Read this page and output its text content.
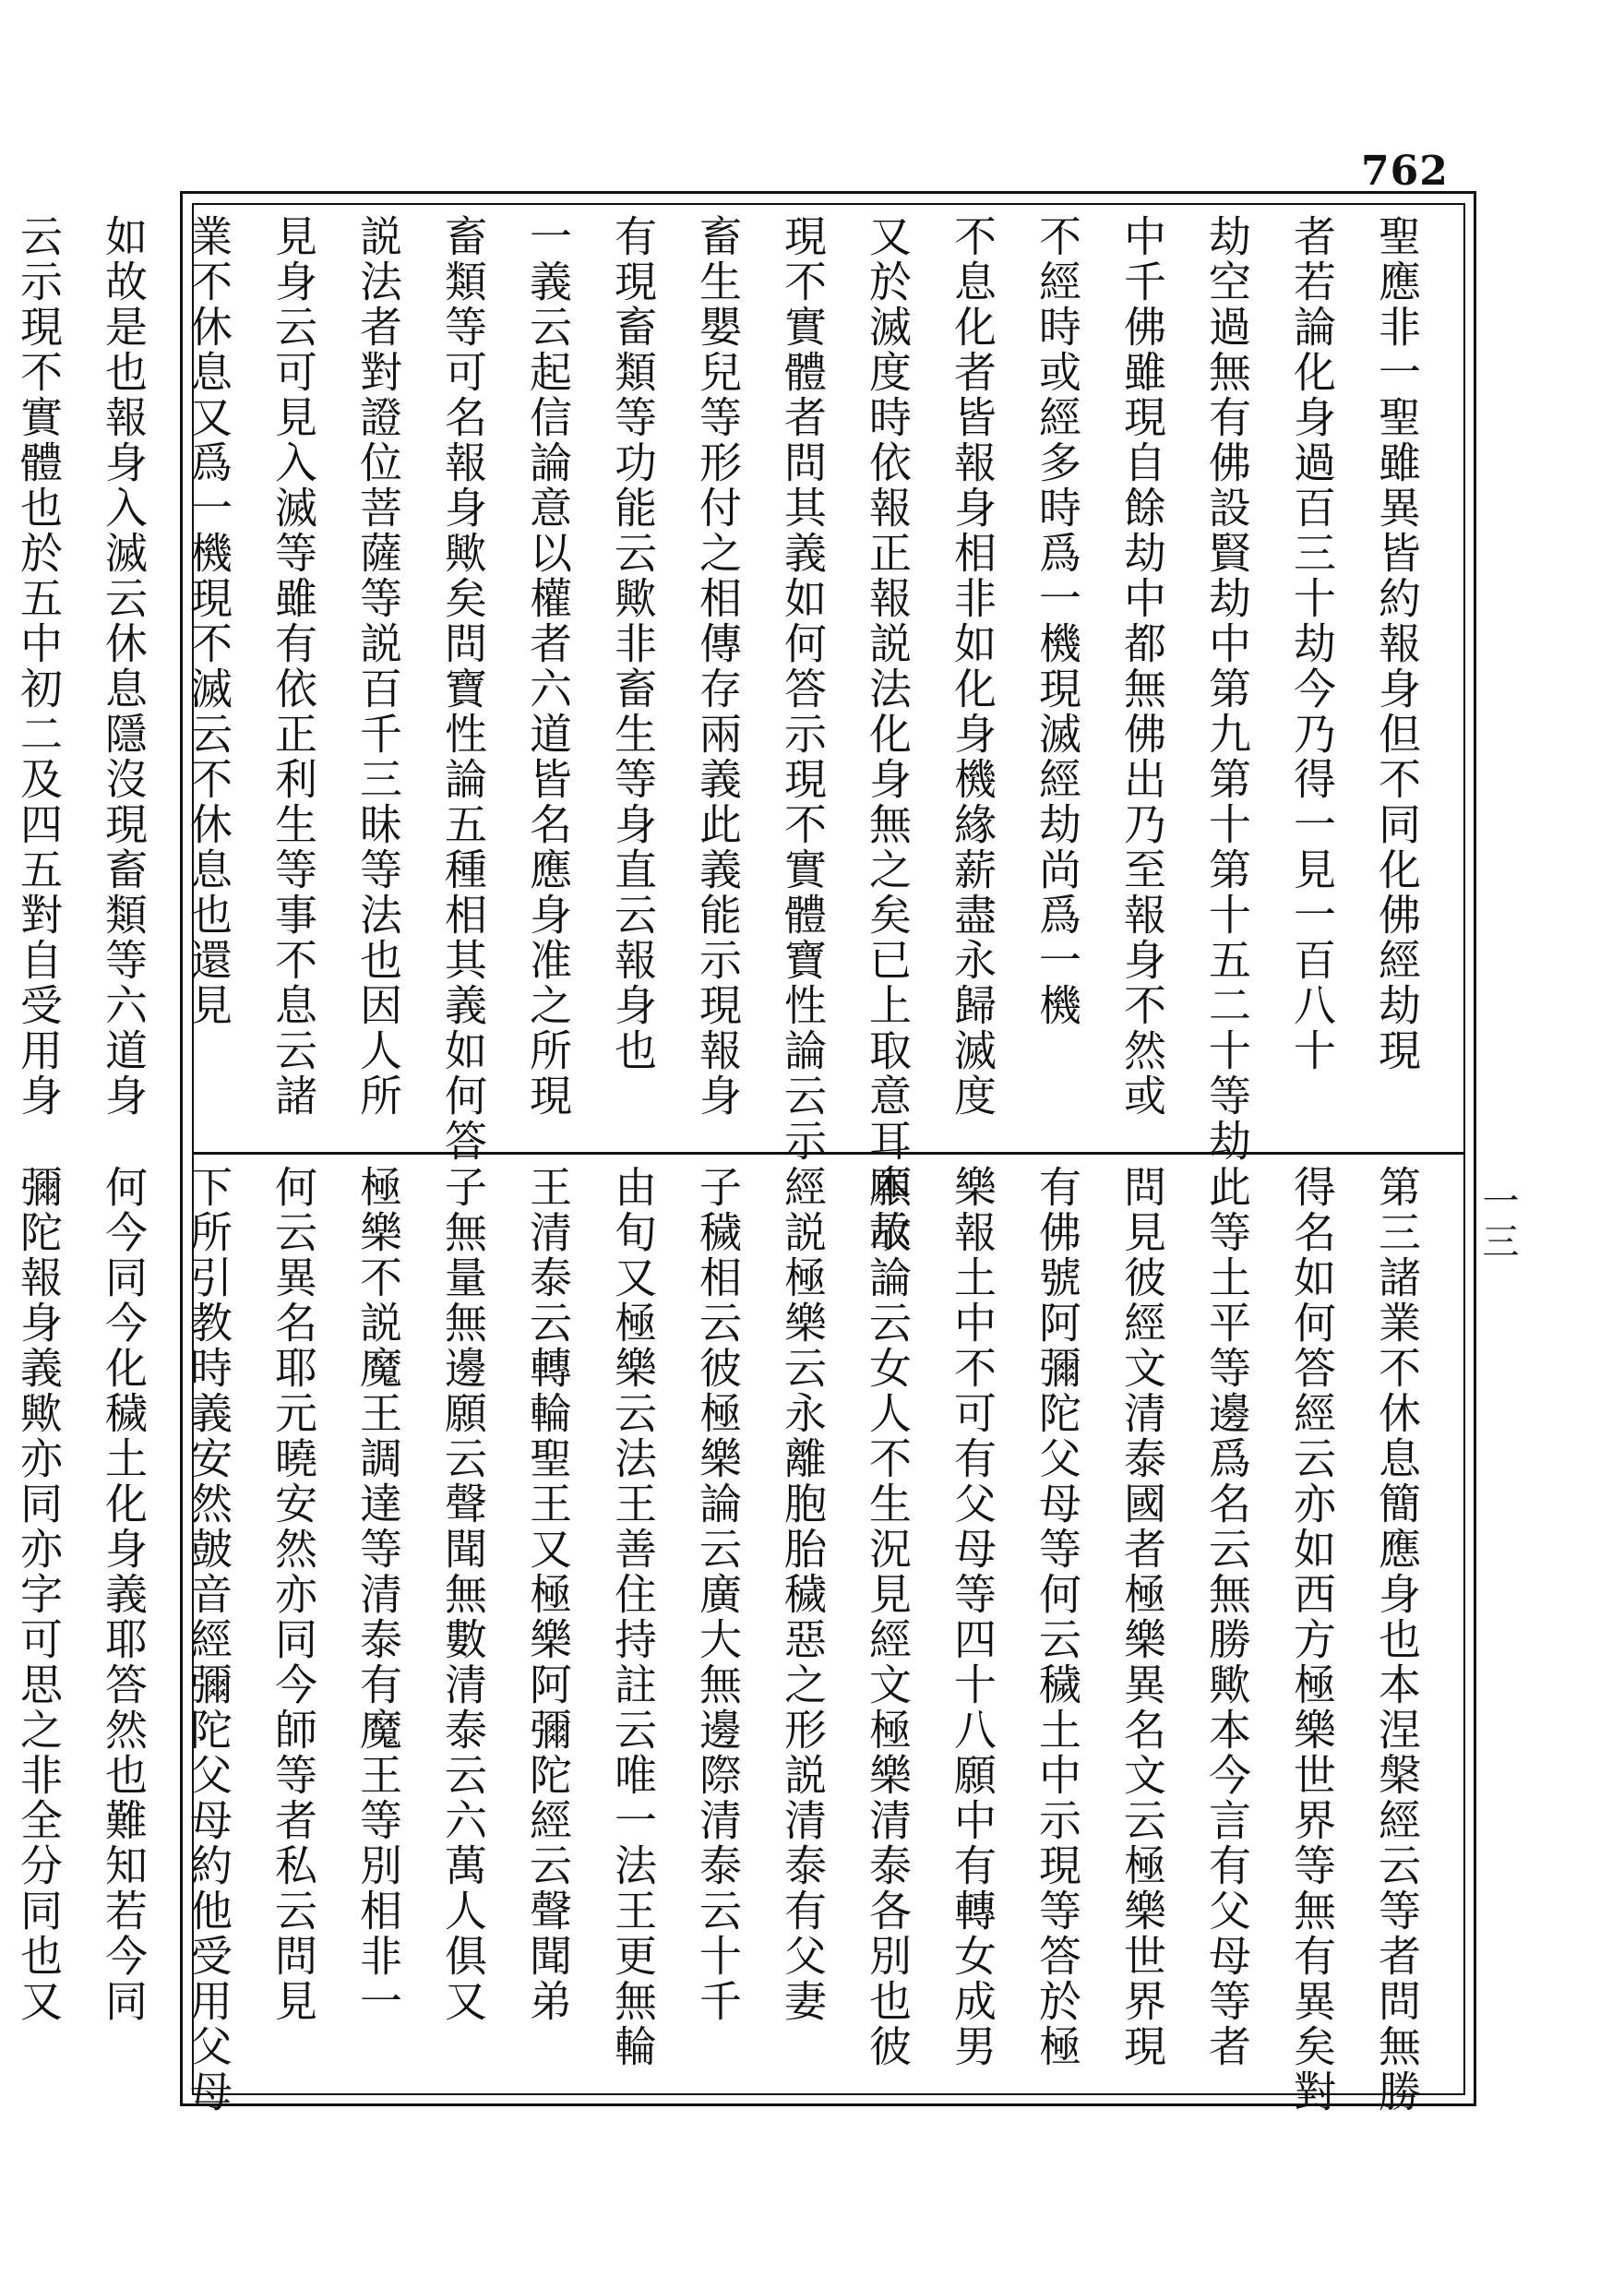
762
一三
聖應非一聖雖異皆約報身但不同化佛經劫現
者若論化身過百三十劫今乃得一見一百八十
劫空過無有佛設賢劫中第九第十第十五二十等劫
中千佛雖現自餘劫中都無佛出乃至報身不然或
不經時或經多時爲一機現滅經劫尚爲一機
不息化者皆報身相非如化身機緣薪盡永歸滅度
又於滅度時依報正報説法化身無之矣已上取意耳本示
現不實體者問其義如何答示現不實體寶性論云示
畜生嬰兒等形付之相傳存兩義此義能示現報身
有現畜類等功能云歟非畜生等身直云報身也
一義云起信論意以權者六道皆名應身准之所現
畜類等可名報身歟矣問寶性論五種相其義如何答
説法者對證位菩薩等説百千三昧等法也因人所
見身云可見入滅等雖有依正利生等事不息云諸
業不休息又爲一機現不滅云不休息也還見
如故是也報身入滅云休息隱沒現畜類等六道身
云示現不實體也於五中初二及四五對自受用身
第三諸業不休息簡應身也本涅槃經云等者問無勝
得名如何答經云亦如西方極樂世界等無有異矣對
此等土平等邊爲名云無勝歟本今言有父母等者
問見彼經文清泰國者極樂異名文云極樂世界現
有佛號阿彌陀父母等何云穢土中示現等答於極
樂報土中不可有父母等四十八願中有轉女成男
願故論云女人不生況見經文極樂清泰各別也彼
經説極樂云永離胞胎穢惡之形説清泰有父妻
子穢相云彼極樂論云廣大無邊際清泰云十千
由旬又極樂云法王善住持註云唯一法王更無輪
王清泰云轉輪聖王又極樂阿彌陀經云聲聞弟
子無量無邊願云聲聞無數清泰云六萬人俱又
極樂不説魔王調達等清泰有魔王等別相非一
何云異名耶元曉安然亦同今師等者私云問見
下所引教時義安然皷音經彌陀父母約他受用父母
何今同今化穢土化身義耶答然也難知若今同
彌陀報身義歟亦同亦字可思之非全分同也又
